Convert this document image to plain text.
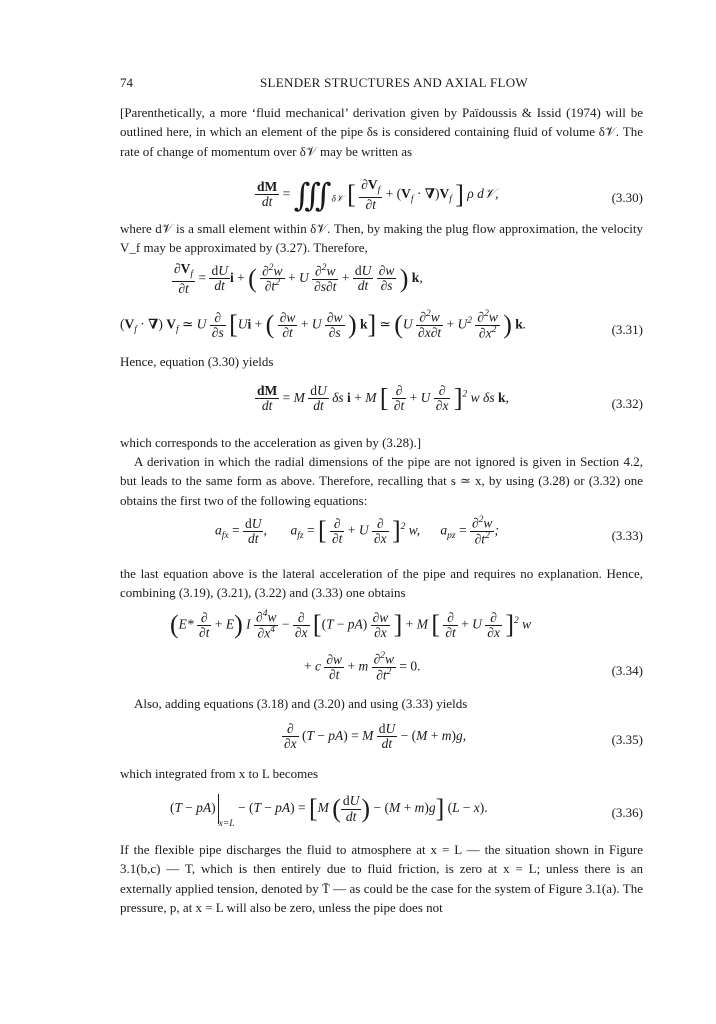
74	SLENDER STRUCTURES AND AXIAL FLOW

[Parenthetically, a more ‘fluid mechanical’ derivation given by Païdoussis & Issid (1974) will be outlined here, in which an element of the pipe δs is considered containing fluid of volume δ𝒱. The rate of change of momentum over δ𝒱 may be written as

$\frac{dM}{dt}$ = $∭_{\delta 𝒱}$ [ $\frac{\partial V_f}{\partial t} + (V_f \cdot \nabla)V_f$ ] ρ d𝒱,	(3.30)

where d𝒱 is a small element within δ𝒱. Then, by making the plug flow approximation, the velocity V_f may be approximated by (3.27). Therefore,

$\frac{\partial V_f}{\partial t} = \frac{dU}{dt}$ i + ( $\frac{\partial^2w}{\partial t^2} + U \frac{\partial^2w}{\partial s\partial t} + \frac{dU}{dt}$
$\frac{\partial w}{\partial s}$ ) k,
($V_f$ · ∇) $V_f$ ≃ U $\frac{\partial}{\partial s} [Ui$ + ( $\frac{\partial w}{\partial t} + U \frac{\partial w}{\partial s}$ ) k] ≃ ($U \frac{\partial^2w}{\partial x\partial t} + U^2 \frac{\partial^2w}{\partial x^2}$ ) k.	(3.31)

Hence, equation (3.30) yields

$\frac{dM}{dt} = M \frac{dU}{dt}$ δs i + M [ $\frac{\partial}{\partial t} + U \frac{\partial}{\partial x} ]^2$ w δs k,	(3.32)

which corresponds to the acceleration as given by (3.28).]

A derivation in which the radial dimensions of the pipe are not ignored is given in Section 4.2, but leads to the same form as above. Therefore, recalling that s ≃ x, by using (3.28) or (3.32) one obtains the first two of the following equations:

$a_{fx} = \frac{dU}{dt}$ ,       $a_{fz}$ = [ $\frac{\partial}{\partial t} + U \frac{\partial}{\partial x} ]^2$ w,      $a_{pz} = \frac{\partial^2w}{\partial t^2}$ ;	(3.33)

the last equation above is the lateral acceleration of the pipe and requires no explanation. Hence, combining (3.19), (3.21), (3.22) and (3.33) one obtains

$(E* \frac{\partial}{\partial t} + E)$ I $\frac{\partial^4w}{\partial x^4} - \frac{\partial}{\partial x} [(T - pA) \frac{\partial w}{\partial x}$ ] + M [ $\frac{\partial}{\partial t} + U \frac{\partial}{\partial x} ]^2$ w
+ c $\frac{\partial w}{\partial t} + m \frac{\partial^2w}{\partial t^2} = 0$.	(3.34)

Also, adding equations (3.18) and (3.20) and using (3.33) yields

$\frac{\partial}{\partial x} (T - pA) = M \frac{dU}{dt} - (M + m)g$,	(3.35)

which integrated from x to L becomes

$(T - pA)_{x=L} - (T - pA) = [M$ ( $\frac{dU}{dt}$ ) − (M + m)g] (L − x).	(3.36)

If the flexible pipe discharges the fluid to atmosphere at x = L — the situation shown in Figure 3.1(b,c) — T, which is then entirely due to fluid friction, is zero at x = L; unless there is an externally applied tension, denoted by T̄ — as could be the case for the system of Figure 3.1(a). The pressure, p, at x = L will also be zero, unless the pipe does not
